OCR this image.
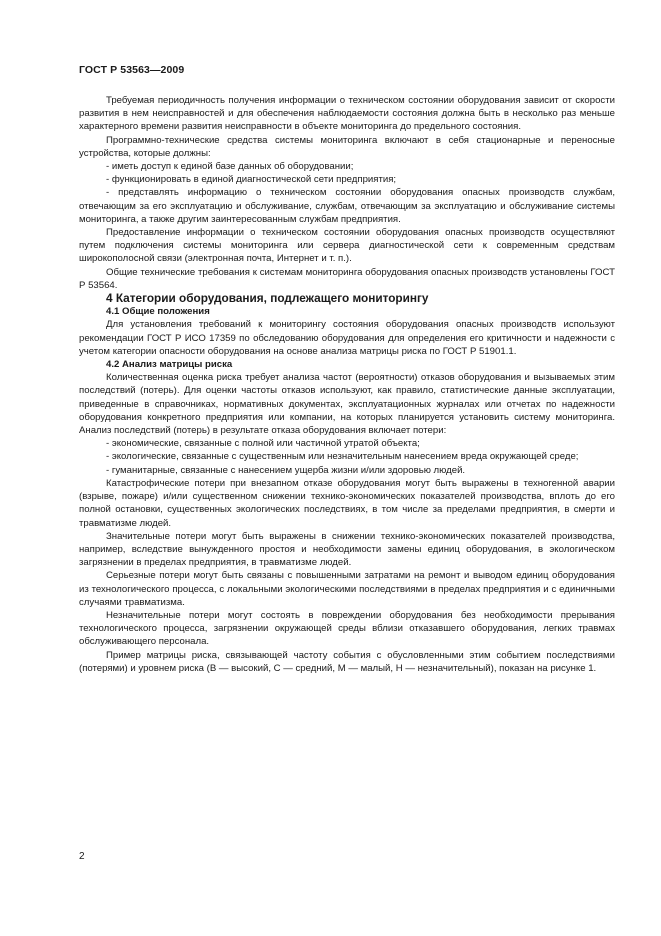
ГОСТ Р 53563—2009

Требуемая периодичность получения информации о техническом состоянии оборудования зависит от скорости развития в нем неисправностей и для обеспечения наблюдаемости состояния должна быть в несколько раз меньше характерного времени развития неисправности в объекте мониторинга до предельного состояния.

Программно-технические средства системы мониторинга включают в себя стационарные и переносные устройства, которые должны:

- иметь доступ к единой базе данных об оборудовании;

- функционировать в единой диагностической сети предприятия;

- представлять информацию о техническом состоянии оборудования опасных производств службам, отвечающим за его эксплуатацию и обслуживание, службам, отвечающим за эксплуатацию и обслуживание системы мониторинга, а также другим заинтересованным службам предприятия.

Предоставление информации о техническом состоянии оборудования опасных производств осуществляют путем подключения системы мониторинга или сервера диагностической сети к современным средствам широкополосной связи (электронная почта, Интернет и т. п.).

Общие технические требования к системам мониторинга оборудования опасных производств установлены ГОСТ Р 53564.

4 Категории оборудования, подлежащего мониторингу

4.1 Общие положения

Для установления требований к мониторингу состояния оборудования опасных производств используют рекомендации ГОСТ Р ИСО 17359 по обследованию оборудования для определения его критичности и надежности с учетом категории опасности оборудования на основе анализа матрицы риска по ГОСТ Р 51901.1.

4.2 Анализ матрицы риска

Количественная оценка риска требует анализа частот (вероятности) отказов оборудования и вызываемых этим последствий (потерь). Для оценки частоты отказов используют, как правило, статистические данные эксплуатации, приведенные в справочниках, нормативных документах, эксплуатационных журналах или отчетах по надежности оборудования конкретного предприятия или компании, на которых планируется установить систему мониторинга. Анализ последствий (потерь) в результате отказа оборудования включает потери:

- экономические, связанные с полной или частичной утратой объекта;

- экологические, связанные с существенным или незначительным нанесением вреда окружающей среде;

- гуманитарные, связанные с нанесением ущерба жизни и/или здоровью людей.

Катастрофические потери при внезапном отказе оборудования могут быть выражены в техногенной аварии (взрыве, пожаре) и/или существенном снижении технико-экономических показателей производства, вплоть до его полной остановки, существенных экологических последствиях, в том числе за пределами предприятия, в смерти и травматизме людей.

Значительные потери могут быть выражены в снижении технико-экономических показателей производства, например, вследствие вынужденного простоя и необходимости замены единиц оборудования, в экологическом загрязнении в пределах предприятия, в травматизме людей.

Серьезные потери могут быть связаны с повышенными затратами на ремонт и выводом единиц оборудования из технологического процесса, с локальными экологическими последствиями в пределах предприятия и с единичными случаями травматизма.

Незначительные потери могут состоять в повреждении оборудования без необходимости прерывания технологического процесса, загрязнении окружающей среды вблизи отказавшего оборудования, легких травмах обслуживающего персонала.

Пример матрицы риска, связывающей частоту события с обусловленными этим событием последствиями (потерями) и уровнем риска (В — высокий, С — средний, М — малый, Н — незначительный), показан на рисунке 1.

2
